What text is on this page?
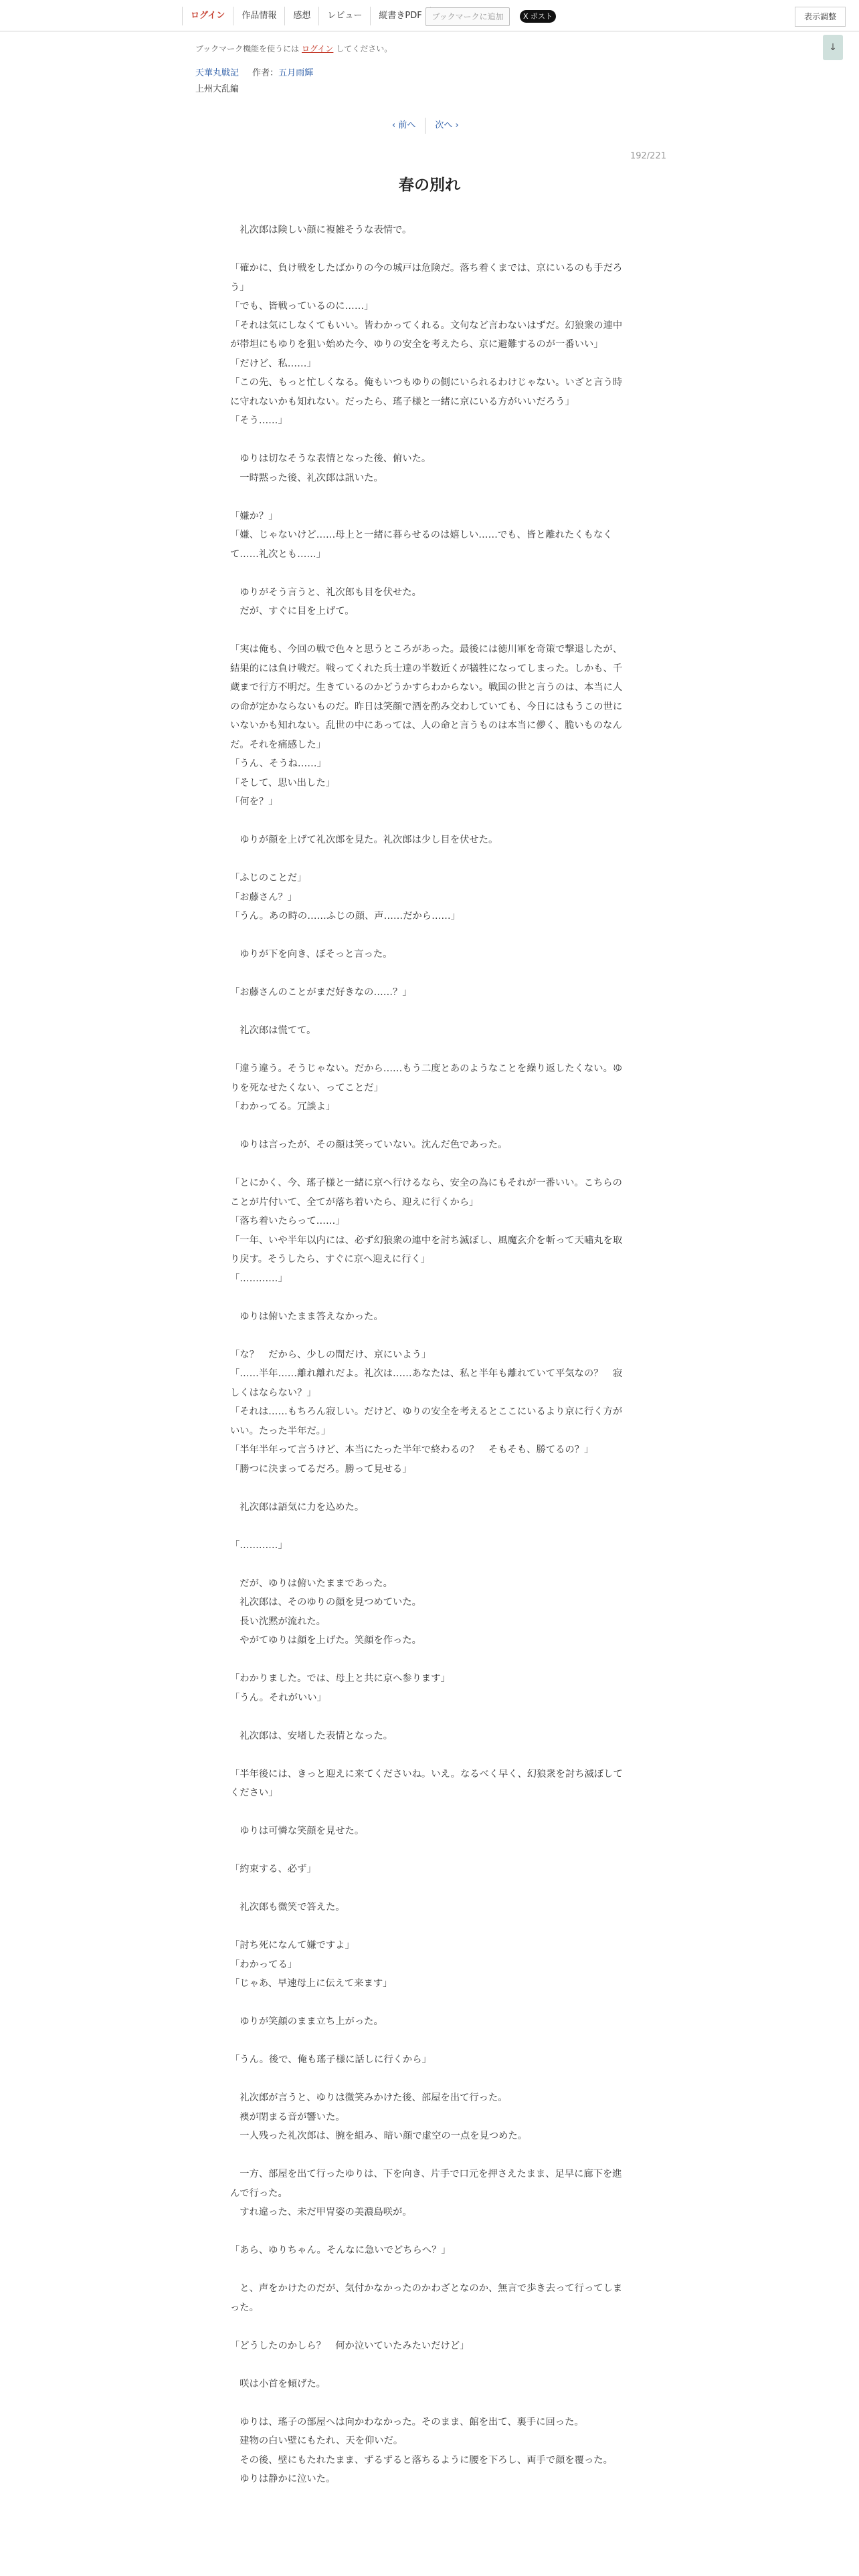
ログイン	作品情報	感想	レビュー	縦書きPDF	ブックマークに追加	X ポスト	表示調整
ブックマーク機能を使うには ログイン してください。	↓
天華丸戦記 作者：五月雨輝
上州大乱編
‹ 前へ	次へ ›
192/221
春の別れ

　礼次郎は険しい顔に複雑そうな表情で。

「確かに、負け戦をしたばかりの今の城戸は危険だ。落ち着くまでは、京にいるのも手だろう」

「でも、皆戦っているのに……」

「それは気にしなくてもいい。皆わかってくれる。文句など言わないはずだ。幻狼衆の連中が帯坦にもゆりを狙い始めた今、ゆりの安全を考えたら、京に避難するのが一番いい」

「だけど、私……」

「この先、もっと忙しくなる。俺もいつもゆりの側にいられるわけじゃない。いざと言う時に守れないかも知れない。だったら、瑤子様と一緒に京にいる方がいいだろう」

「そう……」

　ゆりは切なそうな表情となった後、俯いた。

　一時黙った後、礼次郎は訊いた。

「嫌か？」

「嫌、じゃないけど……母上と一緒に暮らせるのは嬉しい……でも、皆と離れたくもなくて……礼次とも……」

　ゆりがそう言うと、礼次郎も目を伏せた。

　だが、すぐに目を上げて。

「実は俺も、今回の戦で色々と思うところがあった。最後には徳川軍を奇策で撃退したが、結果的には負け戦だ。戦ってくれた兵士達の半数近くが犠牲になってしまった。しかも、千蔵まで行方不明だ。生きているのかどうかすらわからない。戦国の世と言うのは、本当に人の命が定かならないものだ。昨日は笑顔で酒を酌み交わしていても、今日にはもうこの世にいないかも知れない。乱世の中にあっては、人の命と言うものは本当に儚く、脆いものなんだ。それを痛感した」

「うん、そうね……」

「そして、思い出した」

「何を？」

　ゆりが顔を上げて礼次郎を見た。礼次郎は少し目を伏せた。

「ふじのことだ」

「お藤さん？」

「うん。あの時の……ふじの顔、声……だから……」

　ゆりが下を向き、ぼそっと言った。

「お藤さんのことがまだ好きなの……？」

　礼次郎は慌てて。

「違う違う。そうじゃない。だから……もう二度とあのようなことを繰り返したくない。ゆりを死なせたくない、ってことだ」

「わかってる。冗談よ」

　ゆりは言ったが、その顔は笑っていない。沈んだ色であった。

「とにかく、今、瑤子様と一緒に京へ行けるなら、安全の為にもそれが一番いい。こちらのことが片付いて、全てが落ち着いたら、迎えに行くから」

「落ち着いたらって……」

「一年、いや半年以内には、必ず幻狼衆の連中を討ち滅ぼし、風魔玄介を斬って天嘯丸を取り戻す。そうしたら、すぐに京へ迎えに行く」

「…………」

　ゆりは俯いたまま答えなかった。

「な？　だから、少しの間だけ、京にいよう」

「……半年……離れ離れだよ。礼次は……あなたは、私と半年も離れていて平気なの？　寂しくはならない？」

「それは……もちろん寂しい。だけど、ゆりの安全を考えるとここにいるより京に行く方がいい。たった半年だ。」

「半年半年って言うけど、本当にたった半年で終わるの？　そもそも、勝てるの？」

「勝つに決まってるだろ。勝って見せる」

　礼次郎は語気に力を込めた。

「…………」

　だが、ゆりは俯いたままであった。

　礼次郎は、そのゆりの顔を見つめていた。

　長い沈黙が流れた。

　やがてゆりは顔を上げた。笑顔を作った。

「わかりました。では、母上と共に京へ参ります」

「うん。それがいい」

　礼次郎は、安堵した表情となった。

「半年後には、きっと迎えに来てくださいね。いえ。なるべく早く、幻狼衆を討ち滅ぼしてください」

　ゆりは可憐な笑顔を見せた。

「約束する、必ず」

　礼次郎も微笑で答えた。

「討ち死になんて嫌ですよ」

「わかってる」

「じゃあ、早速母上に伝えて来ます」

　ゆりが笑顔のまま立ち上がった。

「うん。後で、俺も瑤子様に話しに行くから」

　礼次郎が言うと、ゆりは微笑みかけた後、部屋を出て行った。

　襖が閉まる音が響いた。

　一人残った礼次郎は、腕を組み、暗い顔で虚空の一点を見つめた。

　一方、部屋を出て行ったゆりは、下を向き、片手で口元を押さえたまま、足早に廊下を進んで行った。

　すれ違った、未だ甲冑姿の美濃島咲が。

「あら、ゆりちゃん。そんなに急いでどちらへ？」

　と、声をかけたのだが、気付かなかったのかわざとなのか、無言で歩き去って行ってしまった。

「どうしたのかしら？　何か泣いていたみたいだけど」

　咲は小首を傾げた。

　ゆりは、瑤子の部屋へは向かわなかった。そのまま、館を出て、裏手に回った。

　建物の白い壁にもたれ、天を仰いだ。

　その後、壁にもたれたまま、ずるずると落ちるように腰を下ろし、両手で顔を覆った。

　ゆりは静かに泣いた。
